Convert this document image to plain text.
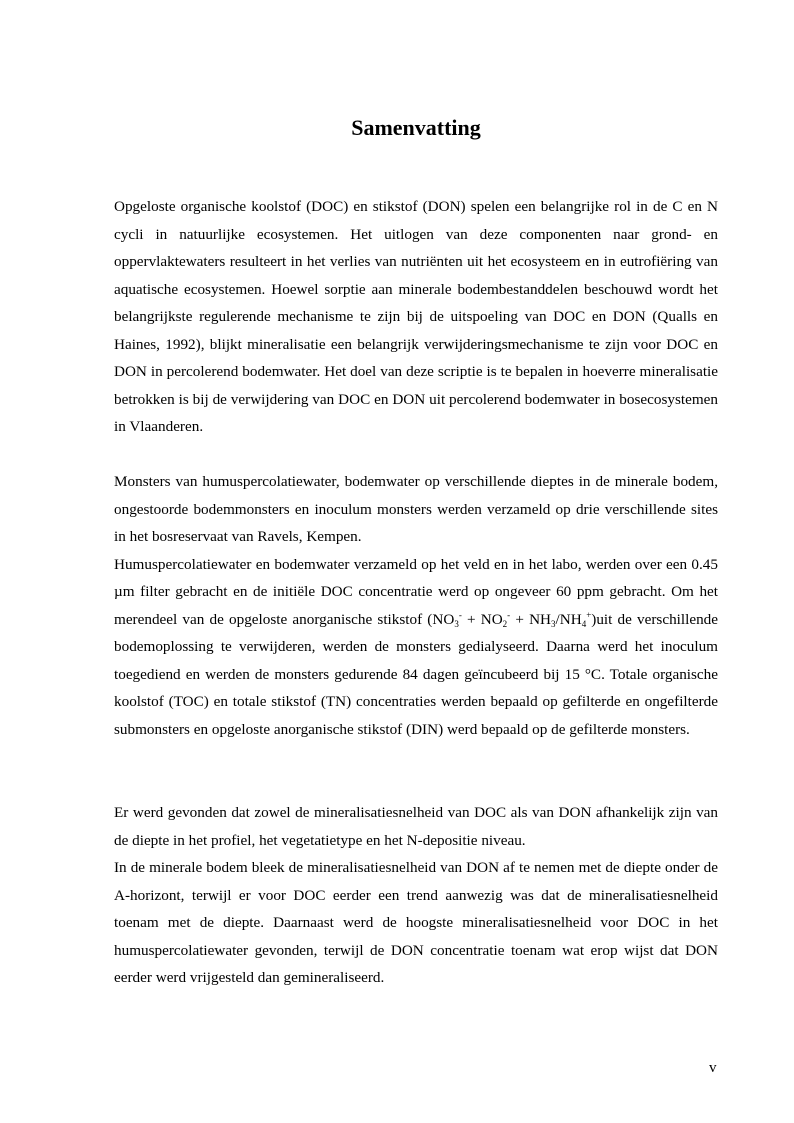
Samenvatting

Opgeloste organische koolstof (DOC) en stikstof (DON) spelen een belangrijke rol in de C en N cycli in natuurlijke ecosystemen. Het uitlogen van deze componenten naar grond- en oppervlaktewaters resulteert in het verlies van nutriënten uit het ecosysteem en in eutrofiëring van aquatische ecosystemen. Hoewel sorptie aan minerale bodembestanddelen beschouwd wordt het belangrijkste regulerende mechanisme te zijn bij de uitspoeling van DOC en DON (Qualls en Haines, 1992), blijkt mineralisatie een belangrijk verwijderingsmechanisme te zijn voor DOC en DON in percolerend bodemwater. Het doel van deze scriptie is te bepalen in hoeverre mineralisatie betrokken is bij de verwijdering van DOC en DON uit percolerend bodemwater in bosecosystemen in Vlaanderen.

Monsters van humuspercolatiewater, bodemwater op verschillende dieptes in de minerale bodem, ongestoorde bodemmonsters en inoculum monsters werden verzameld op drie verschillende sites in het bosreservaat van Ravels, Kempen.

Humuspercolatiewater en bodemwater verzameld op het veld en in het labo, werden over een 0.45 µm filter gebracht en de initiële DOC concentratie werd op ongeveer 60 ppm gebracht. Om het merendeel van de opgeloste anorganische stikstof $(NO_3^- + NO_2^- + NH_3/NH_4^+)uit$ de verschillende bodemoplossing te verwijderen, werden de monsters gedialyseerd. Daarna werd het inoculum toegediend en werden de monsters gedurende 84 dagen geïncubeerd bij 15 °C. Totale organische koolstof (TOC) en totale stikstof (TN) concentraties werden bepaald op gefilterde en ongefilterde submonsters en opgeloste anorganische stikstof (DIN) werd bepaald op de gefilterde monsters.

Er werd gevonden dat zowel de mineralisatiesnelheid van DOC als van DON afhankelijk zijn van de diepte in het profiel, het vegetatietype en het N-depositie niveau.

In de minerale bodem bleek de mineralisatiesnelheid van DON af te nemen met de diepte onder de A-horizont, terwijl er voor DOC eerder een trend aanwezig was dat de mineralisatiesnelheid toenam met de diepte. Daarnaast werd de hoogste mineralisatiesnelheid voor DOC in het humuspercolatiewater gevonden, terwijl de DON concentratie toenam wat erop wijst dat DON eerder werd vrijgesteld dan gemineraliseerd.

v
